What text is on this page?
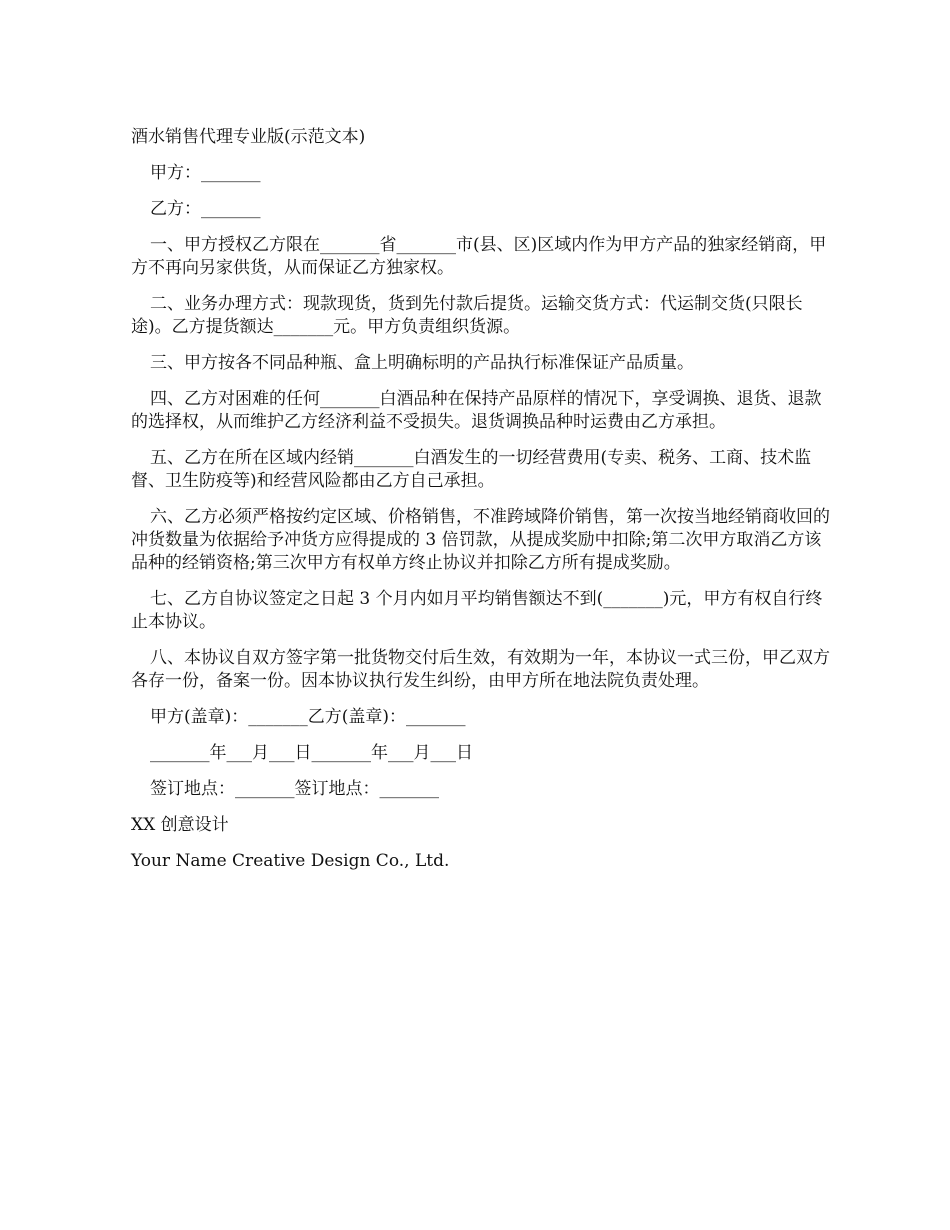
酒水销售代理专业版(示范文本)

甲方：_______

乙方：_______

一、甲方授权乙方限在_______省_______市(县、区)区域内作为甲方产品的独家经销商，甲方不再向另家供货，从而保证乙方独家权。

二、业务办理方式：现款现货，货到先付款后提货。运输交货方式：代运制交货(只限长途)。乙方提货额达_______元。甲方负责组织货源。

三、甲方按各不同品种瓶、盒上明确标明的产品执行标准保证产品质量。

四、乙方对困难的任何_______白酒品种在保持产品原样的情况下，享受调换、退货、退款的选择权，从而维护乙方经济利益不受损失。退货调换品种时运费由乙方承担。

五、乙方在所在区域内经销_______白酒发生的一切经营费用(专卖、税务、工商、技术监督、卫生防疫等)和经营风险都由乙方自己承担。

六、乙方必须严格按约定区域、价格销售，不准跨域降价销售，第一次按当地经销商收回的冲货数量为依据给予冲货方应得提成的 3 倍罚款，从提成奖励中扣除;第二次甲方取消乙方该品种的经销资格;第三次甲方有权单方终止协议并扣除乙方所有提成奖励。

七、乙方自协议签定之日起 3 个月内如月平均销售额达不到(_______)元，甲方有权自行终止本协议。

八、本协议自双方签字第一批货物交付后生效，有效期为一年，本协议一式三份，甲乙双方各存一份，备案一份。因本协议执行发生纠纷，由甲方所在地法院负责处理。

甲方(盖章)：_______乙方(盖章)：_______

_______年___月___日_______年___月___日

签订地点：_______签订地点：_______

XX 创意设计

Your Name Creative Design Co., Ltd.
